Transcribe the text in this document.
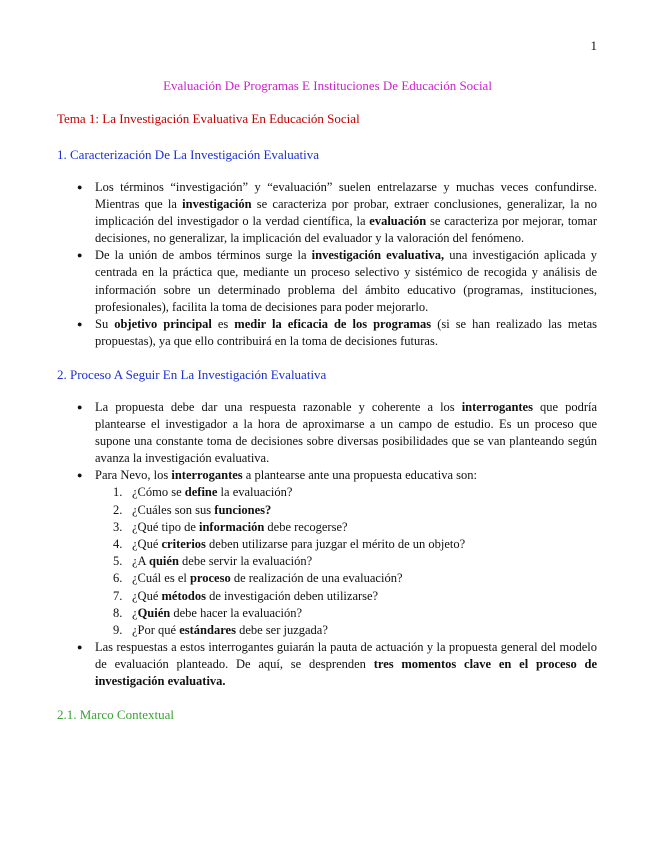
1
Evaluación De Programas E Instituciones De Educación Social
Tema 1: La Investigación Evaluativa En Educación Social
1. Caracterización De La Investigación Evaluativa
● Los términos “investigación” y “evaluación” suelen entrelazarse y muchas veces confundirse. Mientras que la investigación se caracteriza por probar, extraer conclusiones, generalizar, la no implicación del investigador o la verdad científica, la evaluación se caracteriza por mejorar, tomar decisiones, no generalizar, la implicación del evaluador y la valoración del fenómeno.
● De la unión de ambos términos surge la investigación evaluativa, una investigación aplicada y centrada en la práctica que, mediante un proceso selectivo y sistémico de recogida y análisis de información sobre un determinado problema del ámbito educativo (programas, instituciones, profesionales), facilita la toma de decisiones para poder mejorarlo.
● Su objetivo principal es medir la eficacia de los programas (si se han realizado las metas propuestas), ya que ello contribuirá en la toma de decisiones futuras.
2. Proceso A Seguir En La Investigación Evaluativa
● La propuesta debe dar una respuesta razonable y coherente a los interrogantes que podría plantearse el investigador a la hora de aproximarse a un campo de estudio. Es un proceso que supone una constante toma de decisiones sobre diversas posibilidades que se van planteando según avanza la investigación evaluativa.
● Para Nevo, los interrogantes a plantearse ante una propuesta educativa son:
1. ¿Cómo se define la evaluación?
2. ¿Cuáles son sus funciones?
3. ¿Qué tipo de información debe recogerse?
4. ¿Qué criterios deben utilizarse para juzgar el mérito de un objeto?
5. ¿A quién debe servir la evaluación?
6. ¿Cuál es el proceso de realización de una evaluación?
7. ¿Qué métodos de investigación deben utilizarse?
8. ¿Quién debe hacer la evaluación?
9. ¿Por qué estándares debe ser juzgada?
● Las respuestas a estos interrogantes guiarán la pauta de actuación y la propuesta general del modelo de evaluación planteado. De aquí, se desprenden tres momentos clave en el proceso de investigación evaluativa.
2.1. Marco Contextual
